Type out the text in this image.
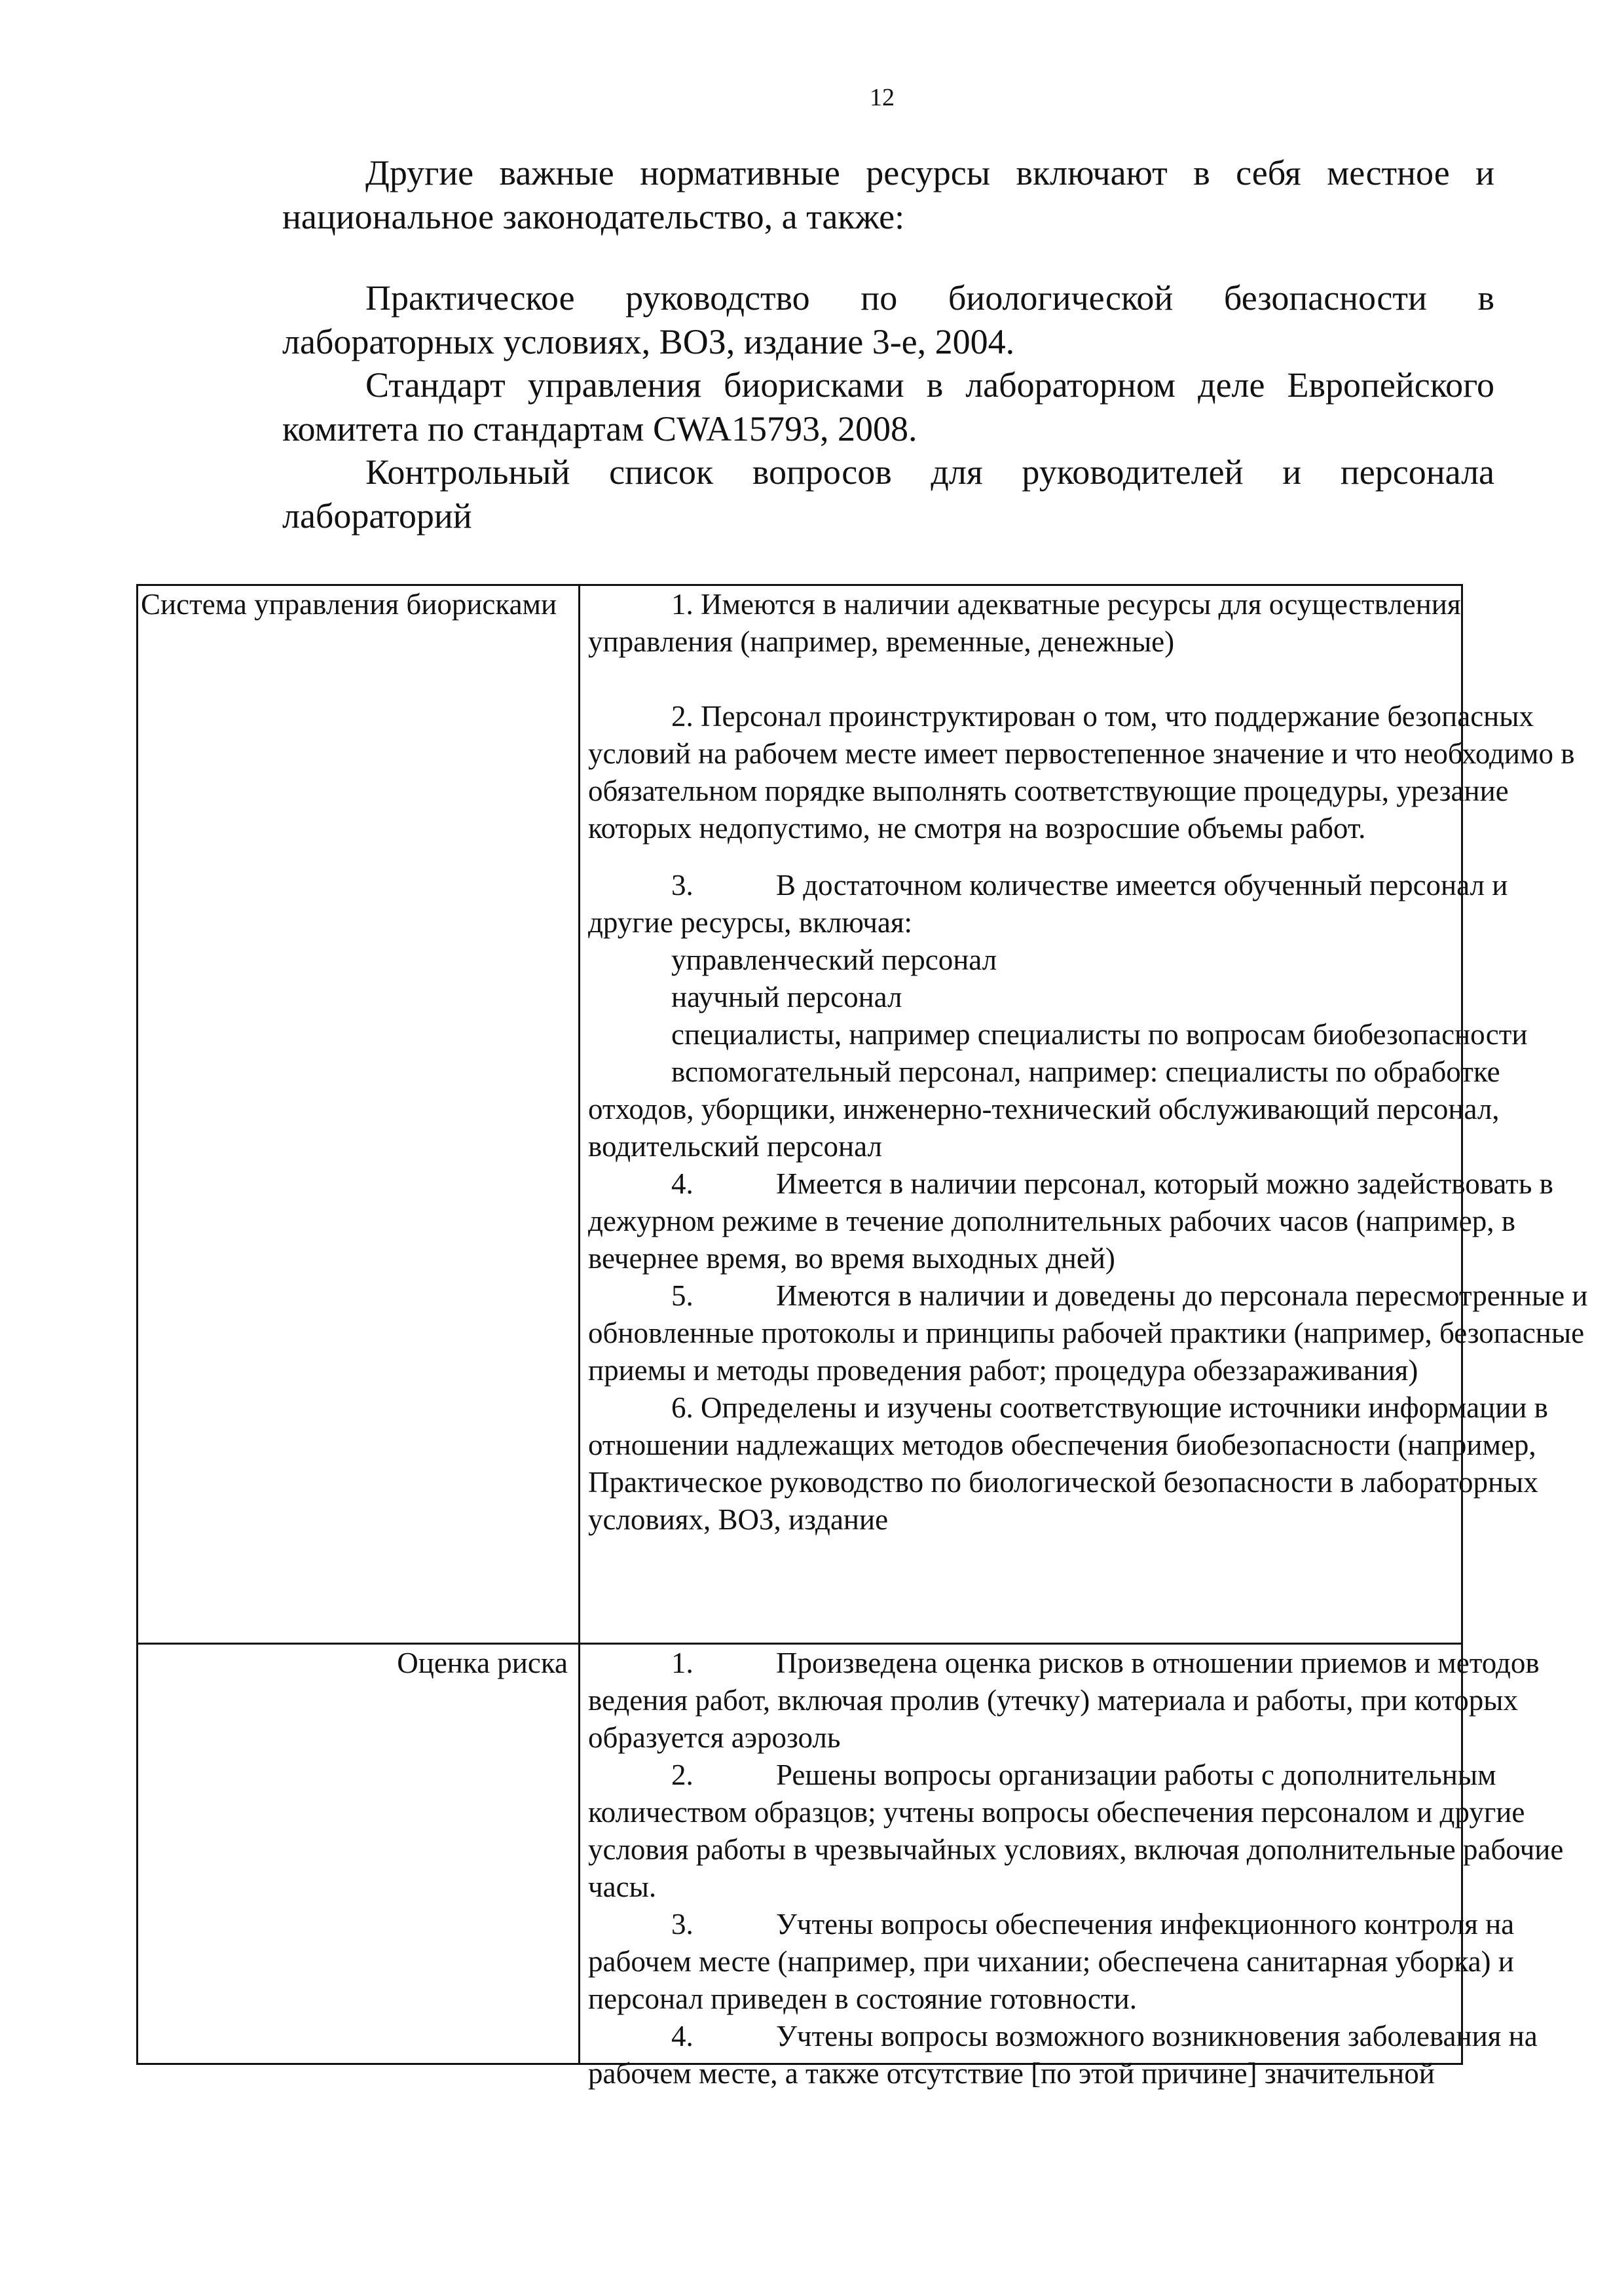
12

Другие важные нормативные ресурсы включают в себя местное и национальное законодательство, а также:

Практическое руководство по биологической безопасности в лабораторных условиях, ВОЗ, издание 3-е, 2004.

Стандарт управления биорисками в лабораторном деле Европейского комитета по стандартам CWA15793, 2008.

Контрольный список вопросов для руководителей и персонала лабораторий

Система управления биорисками	1. Имеются в наличии адекватные ресурсы для осуществления управления (например, временные, денежные)

2. Персонал проинструктирован о том, что поддержание безопасных условий на рабочем месте имеет первостепенное значение и что необходимо в обязательном порядке выполнять соответствующие процедуры, урезание которых недопустимо, не смотря на возросшие объемы работ.

3.	В достаточном количестве имеется обученный персонал и другие ресурсы, включая:

управленческий персонал

научный персонал

специалисты, например специалисты по вопросам биобезопасности

вспомогательный персонал, например: специалисты по обработке отходов, уборщики, инженерно-технический обслуживающий персонал, водительский персонал

4.	Имеется в наличии персонал, который можно задействовать в дежурном режиме в течение дополнительных рабочих часов (например, в вечернее время, во время выходных дней)

5.	Имеются в наличии и доведены до персонала пересмотренные и обновленные протоколы и принципы рабочей практики (например, безопасные приемы и методы проведения работ; процедура обеззараживания)

6. Определены и изучены соответствующие источники информации в отношении надлежащих методов обеспечения биобезопасности (например, Практическое руководство по биологической безопасности в лабораторных условиях, ВОЗ, издание

Оценка риска	1.	Произведена оценка рисков в отношении приемов и методов ведения работ, включая пролив (утечку) материала и работы, при которых образуется аэрозоль

2.	Решены вопросы организации работы с дополнительным количеством образцов; учтены вопросы обеспечения персоналом и другие условия работы в чрезвычайных условиях, включая дополнительные рабочие часы.

3.	Учтены вопросы обеспечения инфекционного контроля на рабочем месте (например, при чихании; обеспечена санитарная уборка) и персонал приведен в состояние готовности.

4.	Учтены вопросы возможного возникновения заболевания на рабочем месте, а также отсутствие [по этой причине] значительной
